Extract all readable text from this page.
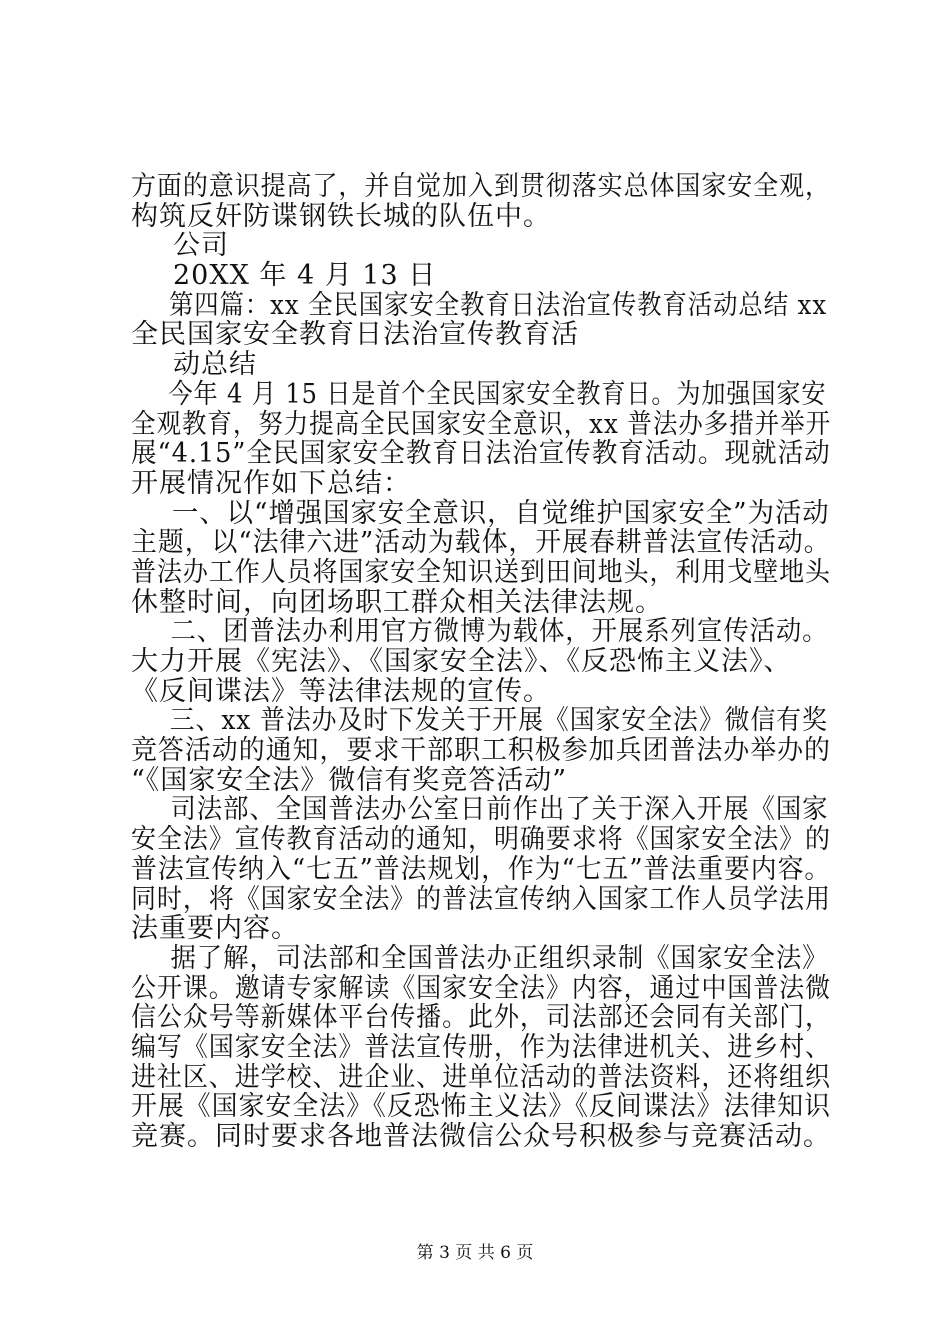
方面的意识提高了，并自觉加入到贯彻落实总体国家安全观，

构筑反奸防谍钢铁长城的队伍中。

公司

20XX 年 4 月 13 日

第四篇：xx 全民国家安全教育日法治宣传教育活动总结 xx

全民国家安全教育日法治宣传教育活

动总结

今年 4 月 15 日是首个全民国家安全教育日。为加强国家安

全观教育，努力提高全民国家安全意识，xx 普法办多措并举开

展“4.15”全民国家安全教育日法治宣传教育活动。现就活动

开展情况作如下总结：

一、以“增强国家安全意识，自觉维护国家安全”为活动

主题，以“法律六进”活动为载体，开展春耕普法宣传活动。

普法办工作人员将国家安全知识送到田间地头，利用戈壁地头

休整时间，向团场职工群众相关法律法规。

二、团普法办利用官方微博为载体，开展系列宣传活动。

大力开展《宪法》、《国家安全法》、《反恐怖主义法》、

《反间谍法》等法律法规的宣传。

三、xx 普法办及时下发关于开展《国家安全法》微信有奖

竞答活动的通知，要求干部职工积极参加兵团普法办举办的

“《国家安全法》微信有奖竞答活动”

司法部、全国普法办公室日前作出了关于深入开展《国家

安全法》宣传教育活动的通知，明确要求将《国家安全法》的

普法宣传纳入“七五”普法规划，作为“七五”普法重要内容。

同时，将《国家安全法》的普法宣传纳入国家工作人员学法用

法重要内容。

据了解，司法部和全国普法办正组织录制《国家安全法》

公开课。邀请专家解读《国家安全法》内容，通过中国普法微

信公众号等新媒体平台传播。此外，司法部还会同有关部门，

编写《国家安全法》普法宣传册，作为法律进机关、进乡村、

进社区、进学校、进企业、进单位活动的普法资料，还将组织

开展《国家安全法》《反恐怖主义法》《反间谍法》法律知识

竞赛。同时要求各地普法微信公众号积极参与竞赛活动。

第 3 页 共 6 页
